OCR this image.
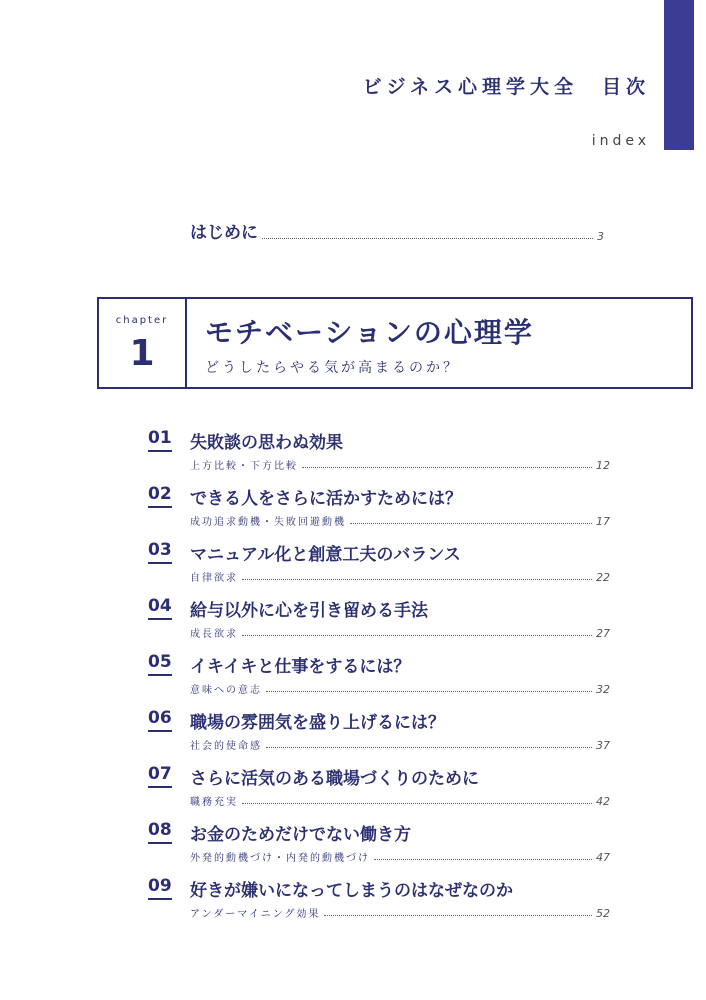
ビジネス心理学大全　目次
index
はじめに	3
chapter
1
モチベーションの心理学
どうしたらやる気が高まるのか？
01 失敗談の思わぬ効果
上方比較・下方比較	12
02 できる人をさらに活かすためには？
成功追求動機・失敗回避動機	17
03 マニュアル化と創意工夫のバランス
自律欲求	22
04 給与以外に心を引き留める手法
成長欲求	27
05 イキイキと仕事をするには？
意味への意志	32
06 職場の雰囲気を盛り上げるには？
社会的使命感	37
07 さらに活気のある職場づくりのために
職務充実	42
08 お金のためだけでない働き方
外発的動機づけ・内発的動機づけ	47
09 好きが嫌いになってしまうのはなぜなのか
アンダーマイニング効果	52
